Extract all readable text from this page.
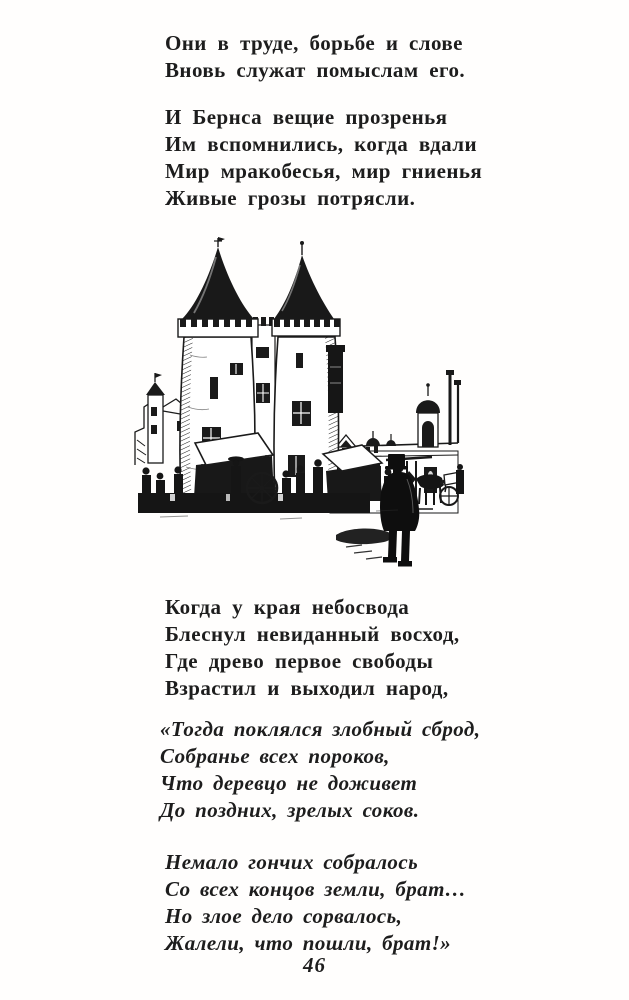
Они в труде, борьбе и слове
Вновь служат помыслам его.
И Бернса вещие прозренья
Им вспомнились, когда вдали
Мир мракобесья, мир гниенья
Живые грозы потрясли.
Когда у края небосвода
Блеснул невиданный восход,
Где древо первое свободы
Взрастил и выходил народ,
«Тогда поклялся злобный сброд,
Собранье всех пороков,
Что деревцо не доживет
До поздних, зрелых соков.
Немало гончих собралось
Со всех концов земли, брат…
Но злое дело сорвалось,
Жалели, что пошли, брат!»
46
